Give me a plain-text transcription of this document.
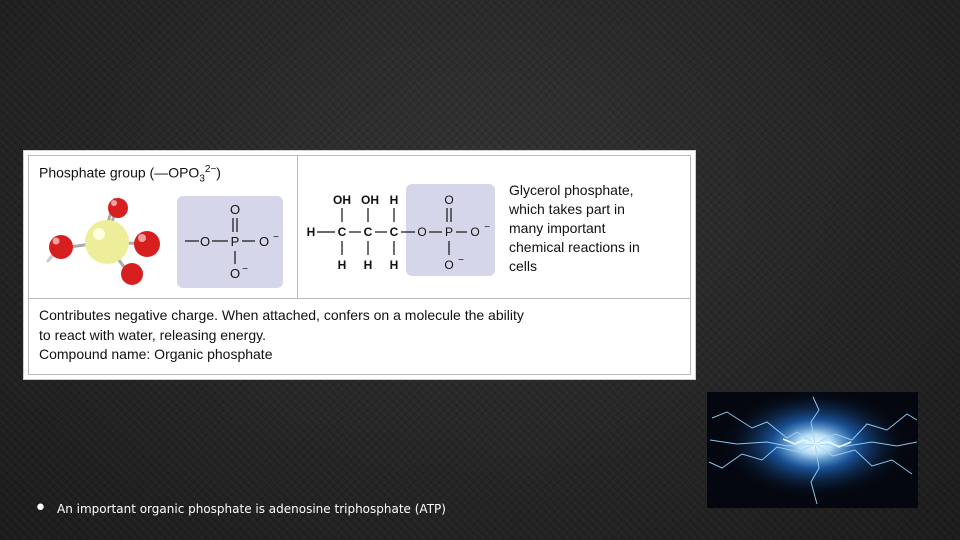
Phosphate group $(—OPO_3^{2-})$
O
O P O −
O −
OH OH H
H C C C O P O −
O
H H H	O −
Glycerol phosphate,
which takes part in
many important
chemical reactions in
cells
Contributes negative charge. When attached, confers on a molecule the ability
to react with water, releasing energy.
Compound name: Organic phosphate
• An important organic phosphate is adenosine triphosphate (ATP)
